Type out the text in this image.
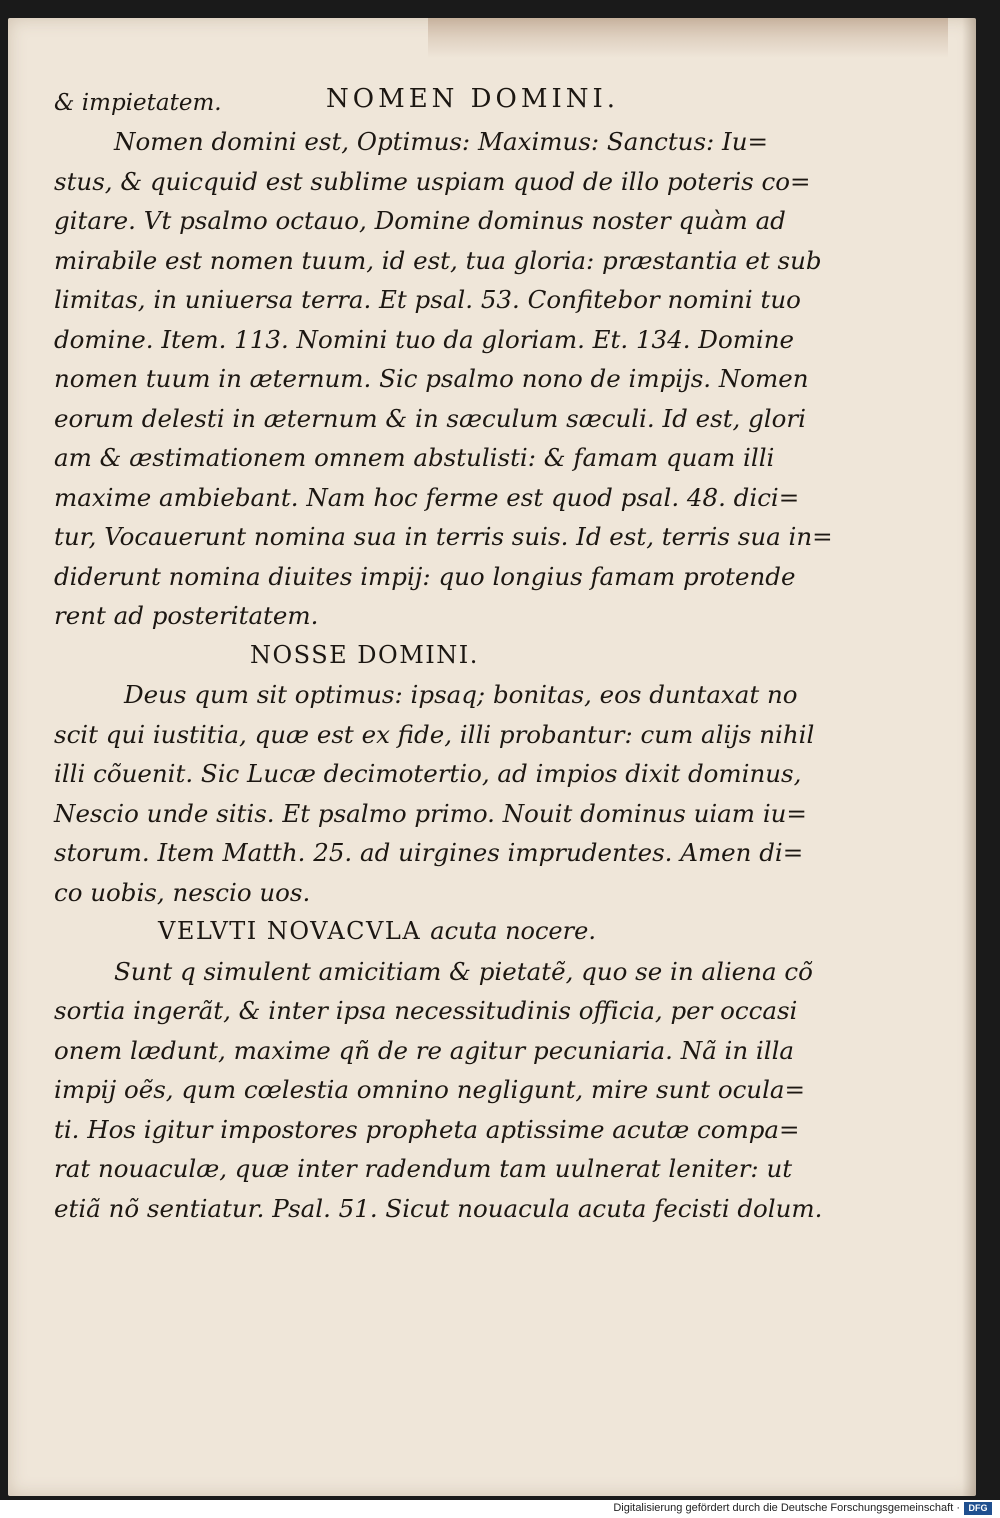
& impietatem.	NOMEN DOMINI.
Nomen domini est, Optimus: Maximus: Sanctus: Iu=
stus, & quicquid est sublime uspiam quod de illo poteris co=
gitare. Vt psalmo octauo, Domine dominus noster quàm ad
mirabile est nomen tuum, id est, tua gloria: præstantia et sub
limitas, in uniuersa terra. Et psal. 53. Confitebor nomini tuo
domine. Item. 113. Nomini tuo da gloriam. Et. 134. Domine
nomen tuum in æternum. Sic psalmo nono de impijs. Nomen
eorum delesti in æternum & in sæculum sæculi. Id est, glori
am & æstimationem omnem abstulisti: & famam quam illi
maxime ambiebant. Nam hoc ferme est quod psal. 48. dici=
tur, Vocauerunt nomina sua in terris suis. Id est, terris sua in=
diderunt nomina diuites impij: quo longius famam protende
rent ad posteritatem.
NOSSE DOMINI.
Deus qum sit optimus: ipsaq; bonitas, eos duntaxat no
scit qui iustitia, quæ est ex fide, illi probantur: cum alijs nihil
illi cõuenit. Sic Lucæ decimotertio, ad impios dixit dominus,
Nescio unde sitis. Et psalmo primo. Nouit dominus uiam iu=
storum. Item Matth. 25. ad uirgines imprudentes. Amen di=
co uobis, nescio uos.
VELVTI NOVACVLA acuta nocere.
Sunt q simulent amicitiam & pietatẽ, quo se in aliena cõ
sortia ingerãt, & inter ipsa necessitudinis officia, per occasi
onem lædunt, maxime qñ de re agitur pecuniaria. Nã in illa
impij oẽs, qum cœlestia omnino negligunt, mire sunt ocula=
ti. Hos igitur impostores propheta aptissime acutæ compa=
rat nouaculæ, quæ inter radendum tam uulnerat leniter: ut
etiã nõ sentiatur. Psal. 51. Sicut nouacula acuta fecisti dolum.
Digitalisierung gefördert durch die Deutsche Forschungsgemeinschaft · DFG
